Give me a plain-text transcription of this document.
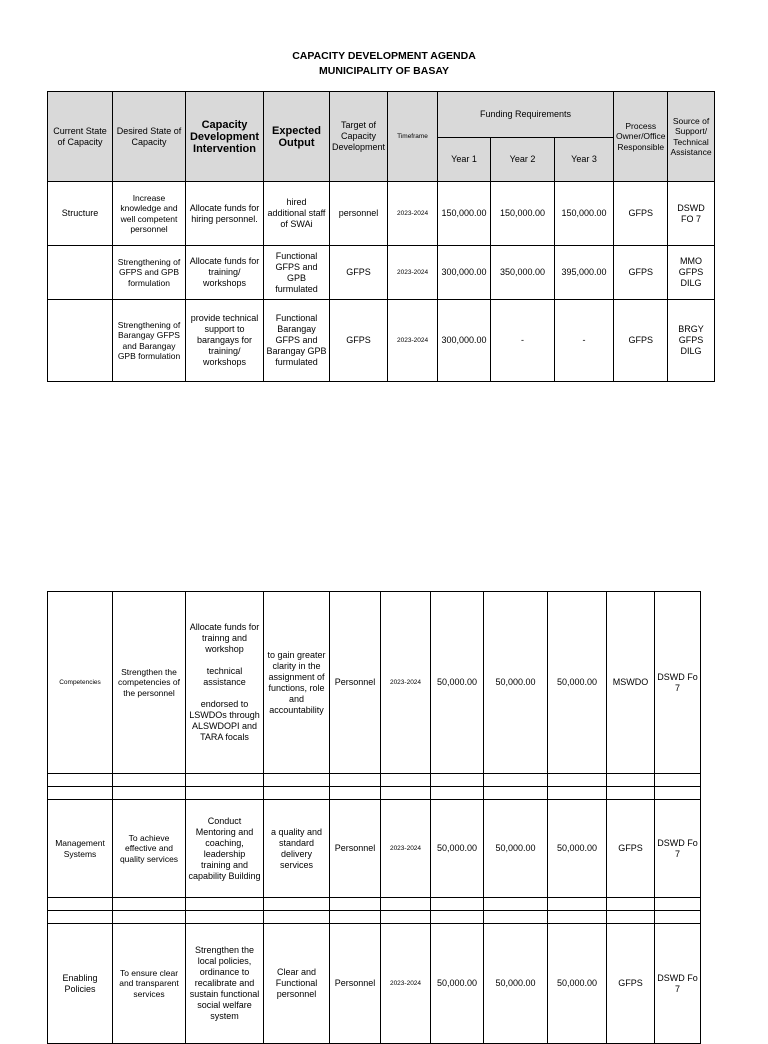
CAPACITY DEVELOPMENT AGENDA
MUNICIPALITY OF BASAY
Current State of Capacity	Desired State of Capacity	Capacity Development Intervention	Expected Output	Target of Capacity Development	Timeframe	Funding Requirements			Process Owner/Office Responsible	Source of Support/ Technical Assistance
						Year 1	Year 2	Year 3		
Structure	Increase knowledge and well competent personnel	Allocate funds for hiring personnel.	hired additional staff of SWAi	personnel	2023-2024	150,000.00	150,000.00	150,000.00	GFPS	DSWD FO 7
	Strengthening of GFPS and GPB formulation	Allocate funds for training/ workshops	Functional GFPS and GPB furmulated	GFPS	2023-2024	300,000.00	350,000.00	395,000.00	GFPS	MMO GFPS DILG
	Strengthening of Barangay GFPS and Barangay GPB formulation	provide technical support to barangays for training/ workshops	Functional Barangay GFPS and Barangay GPB furmulated	GFPS	2023-2024	300,000.00	-	-	GFPS	BRGY GFPS DILG
Competencies	Strengthen the competencies of the personnel	Allocate funds for trainng and workshop

technical assistance

endorsed to LSWDOs through ALSWDOPI and TARA focals	to gain greater clarity in the assignment of functions, role and accountability	Personnel	2023-2024	50,000.00	50,000.00	50,000.00	MSWDO	DSWD Fo 7

Management Systems	To achieve effective and quality services	Conduct Mentoring and coaching, leadership training and capability Building	a quality and standard delivery services	Personnel	2023-2024	50,000.00	50,000.00	50,000.00	GFPS	DSWD Fo 7

Enabling Policies	To ensure clear and transparent services	Strengthen the local policies, ordinance to recalibrate and sustain functional social welfare system	Clear and Functional personnel	Personnel	2023-2024	50,000.00	50,000.00	50,000.00	GFPS	DSWD Fo 7
